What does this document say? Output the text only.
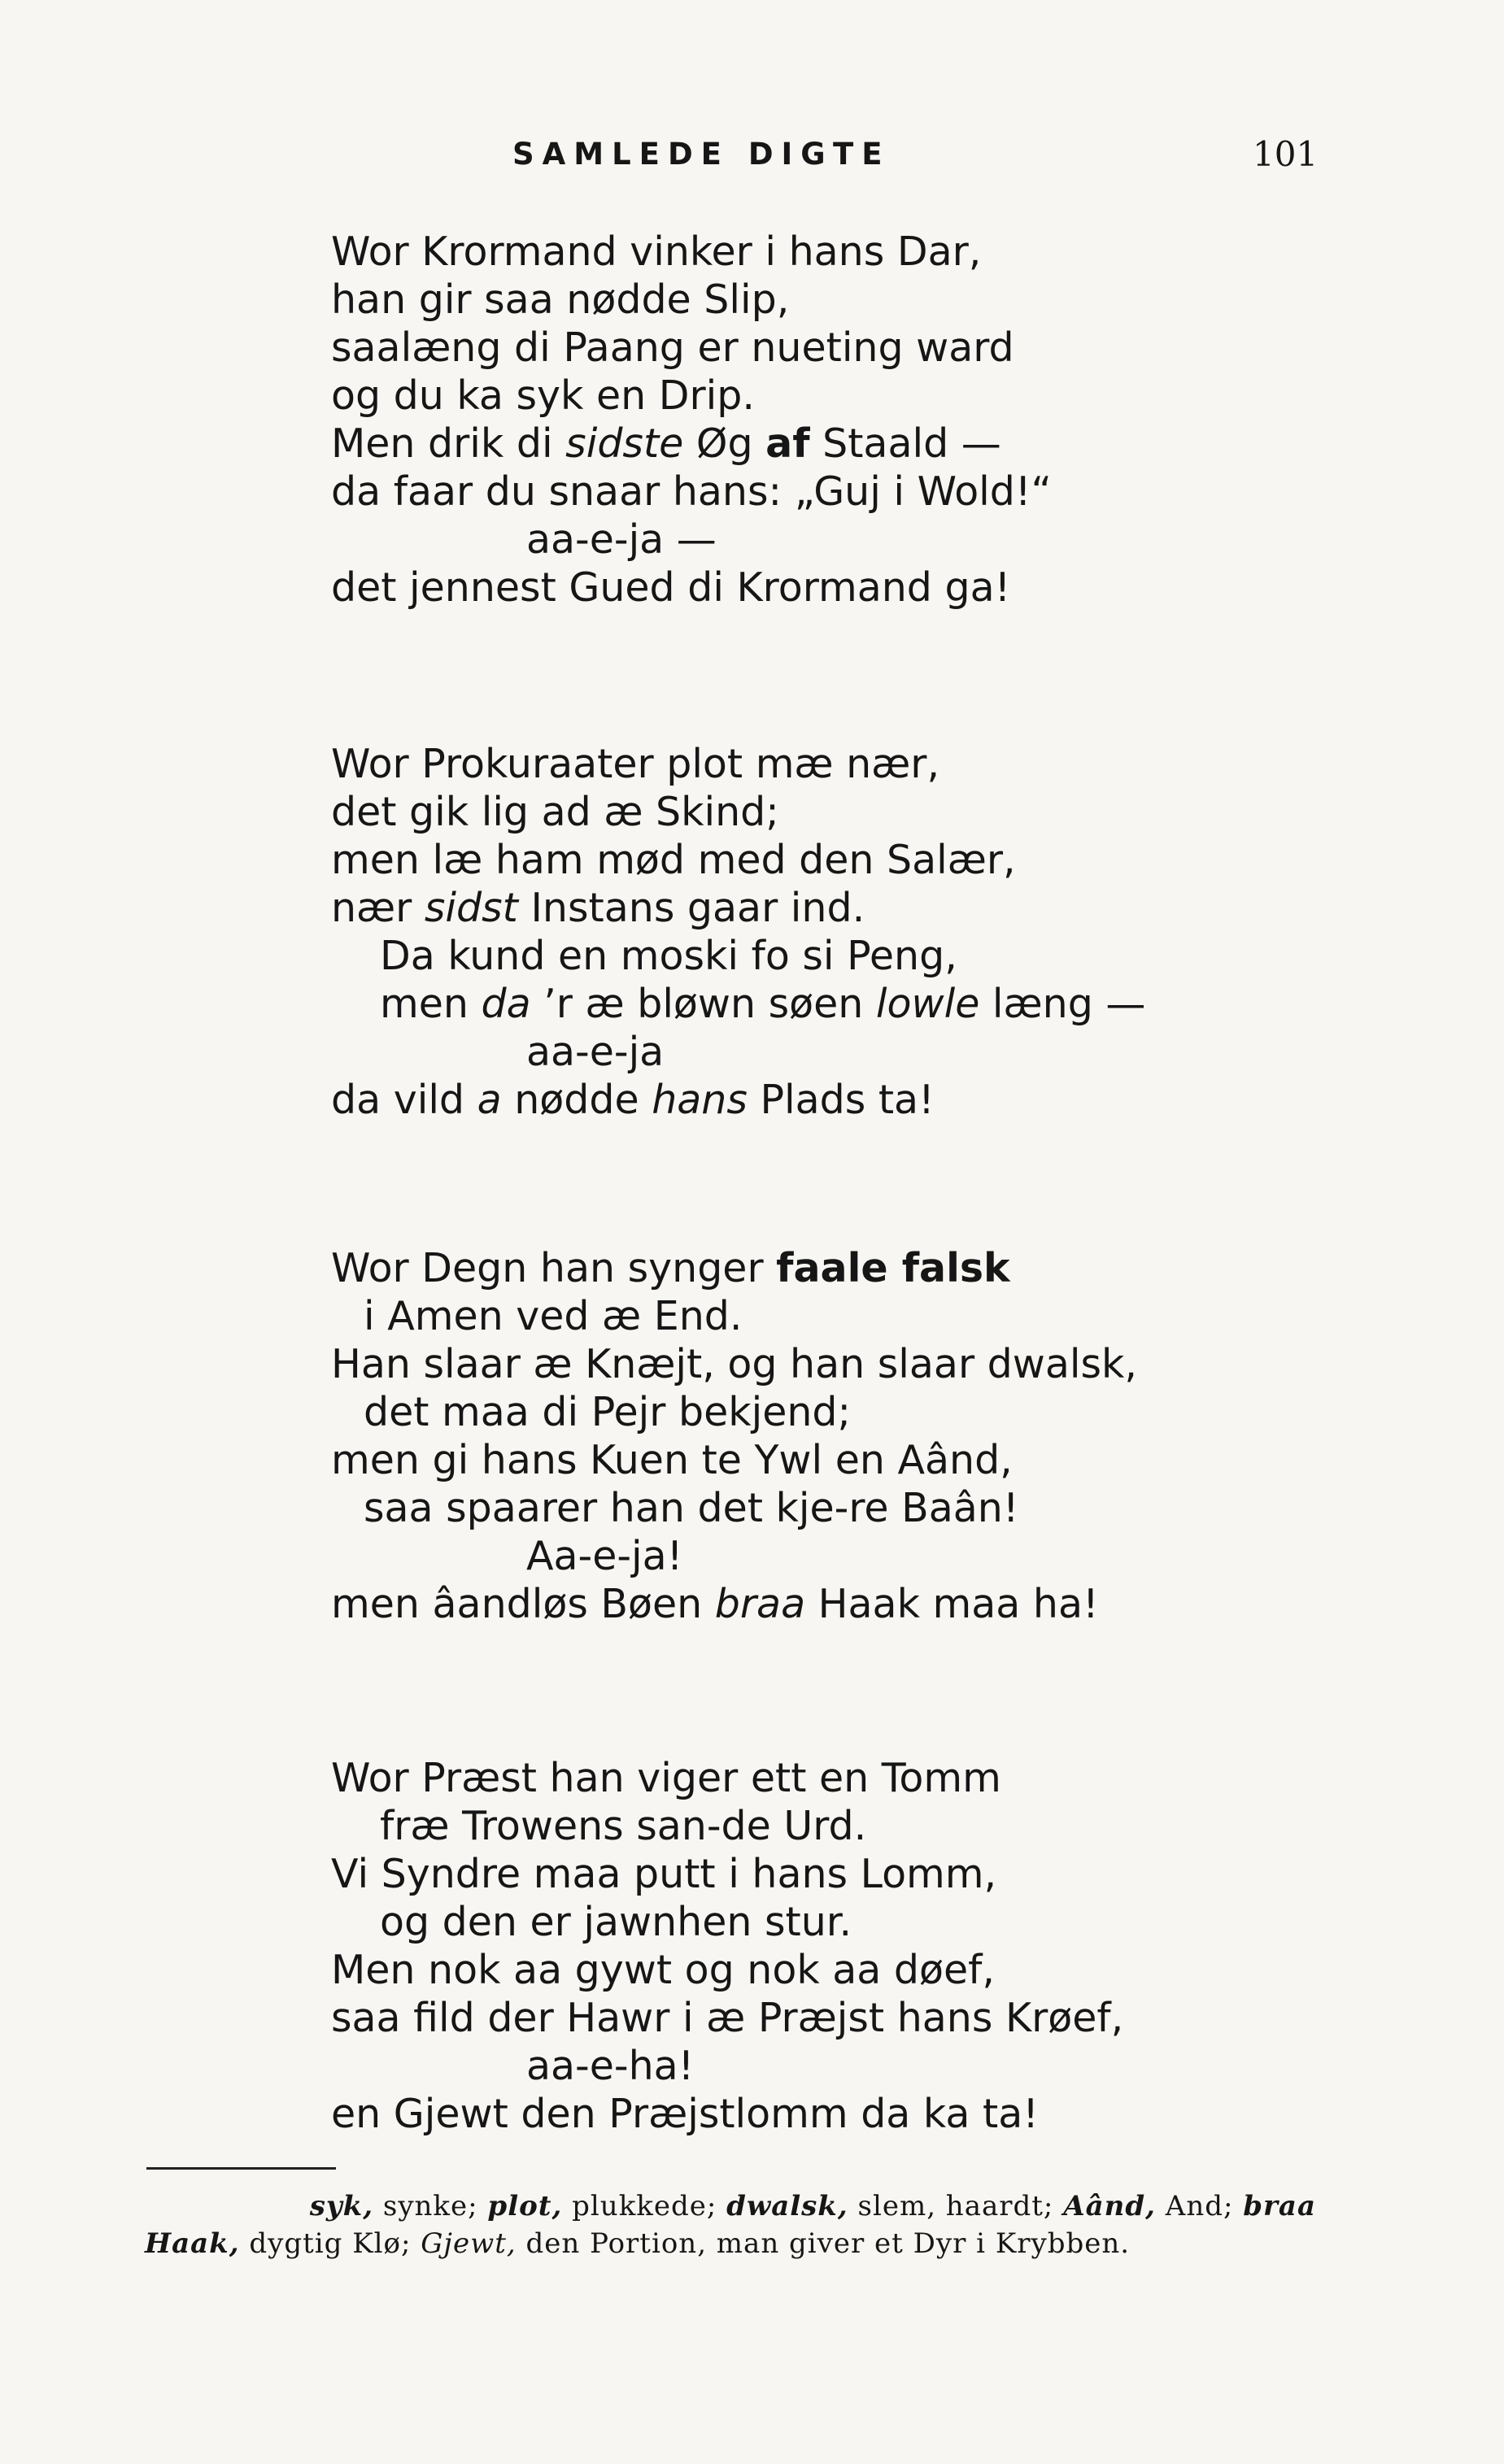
SAMLEDE DIGTE	101
Wor Krormand vinker i hans Dar,
han gir saa nødde Slip,
saalæng di Paang er nueting ward
og du ka syk en Drip.
Men drik di sidste Øg af Staald —
da faar du snaar hans: „Guj i Wold!“
aa-e-ja —
det jennest Gued di Krormand ga!
Wor Prokuraater plot mæ nær,
det gik lig ad æ Skind;
men læ ham mød med den Salær,
nær sidst Instans gaar ind.
Da kund en moski fo si Peng,
men da ’r æ bløwn søen lowle læng —
aa-e-ja
da vild a nødde hans Plads ta!
Wor Degn han synger faale falsk
i Amen ved æ End.
Han slaar æ Knæjt, og han slaar dwalsk,
det maa di Pejr bekjend;
men gi hans Kuen te Ywl en Aând,
saa spaarer han det kje-re Baân!
Aa-e-ja!
men âandløs Bøen braa Haak maa ha!
Wor Præst han viger ett en Tomm
fræ Trowens san-de Urd.
Vi Syndre maa putt i hans Lomm,
og den er jawnhen stur.
Men nok aa gywt og nok aa døef,
saa fild der Hawr i æ Præjst hans Krøef,
aa-e-ha!
en Gjewt den Præjstlomm da ka ta!
syk, synke; plot, plukkede; dwalsk, slem, haardt; Aând, And; braa
Haak, dygtig Klø; Gjewt, den Portion, man giver et Dyr i Krybben.
